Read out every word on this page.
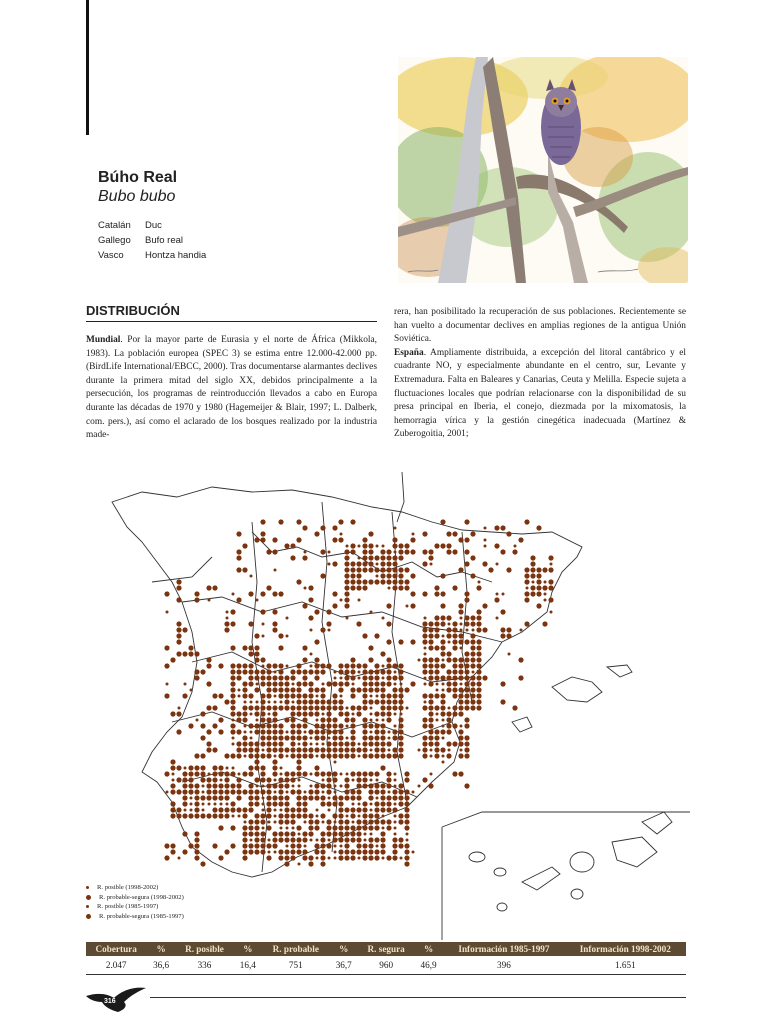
Búho Real

Bubo bubo

Catalán	Duc
Gallego	Bufo real
Vasco	Hontza handia
DISTRIBUCIÓN

Mundial. Por la mayor parte de Eurasia y el norte de África (Mikkola, 1983). La población europea (SPEC 3) se estima entre 12.000-42.000 pp. (BirdLife International/EBCC, 2000). Tras documentarse alarmantes declives durante la primera mitad del siglo XX, debidos principalmente a la persecución, los programas de reintroducción llevados a cabo en Europa durante las décadas de 1970 y 1980 (Hagemeijer & Blair, 1997; L. Dalberk, com. pers.), así como el aclarado de los bosques realizado por la industria made-

rera, han posibilitado la recuperación de sus poblaciones. Recientemente se han vuelto a documentar declives en amplias regiones de la antigua Unión Soviética.

España. Ampliamente distribuida, a excepción del litoral cantábrico y el cuadrante NO, y especialmente abundante en el centro, sur, Levante y Extremadura. Falta en Baleares y Canarias, Ceuta y Melilla. Especie sujeta a fluctuaciones locales que podrían relacionarse con la disponibilidad de su presa principal en Iberia, el conejo, diezmada por la mixomatosis, la hemorragia vírica y la gestión cinegética inadecuada (Martínez & Zuberogoitia, 2001;

R. posible (1998-2002)
R. probable-segura (1998-2002)
R. posible (1985-1997)
R. probable-segura (1985-1997)
Cobertura	%	R. posible	%	R. probable	%	R. segura	%	Información 1985-1997	Información 1998-2002
2.047	36,6	336	16,4	751	36,7	960	46,9	396	1.651
316
